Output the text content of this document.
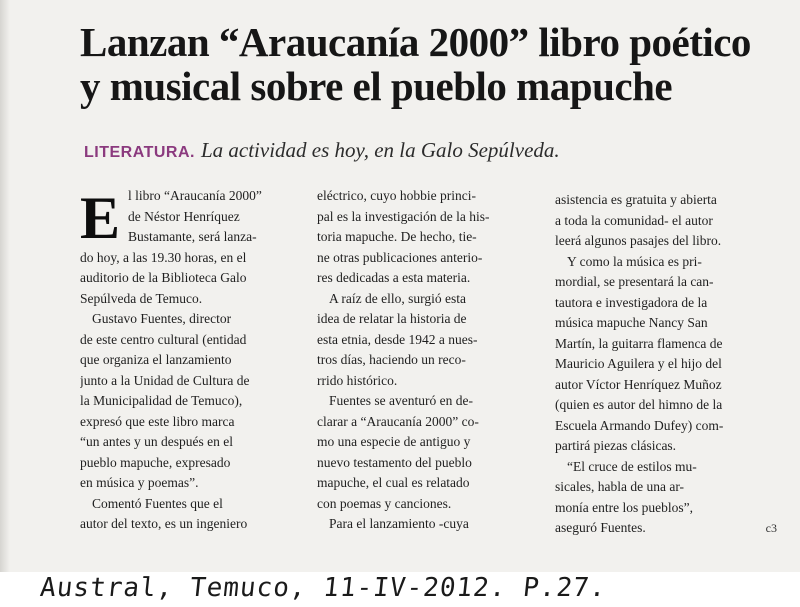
Lanzan “Araucanía 2000” libro poético
y musical sobre el pueblo mapuche
LITERATURA. La actividad es hoy, en la Galo Sepúlveda.
E l libro “Araucanía 2000”
de Néstor Henríquez
Bustamante, será lanza-
do hoy, a las 19.30 horas, en el
auditorio de la Biblioteca Galo
Sepúlveda de Temuco.
Gustavo Fuentes, director
de este centro cultural (entidad
que organiza el lanzamiento
junto a la Unidad de Cultura de
la Municipalidad de Temuco),
expresó que este libro marca
“un antes y un después en el
pueblo mapuche, expresado
en música y poemas”.
Comentó Fuentes que el
autor del texto, es un ingeniero
eléctrico, cuyo hobbie princi-
pal es la investigación de la his-
toria mapuche. De hecho, tie-
ne otras publicaciones anterio-
res dedicadas a esta materia.
A raíz de ello, surgió esta
idea de relatar la historia de
esta etnia, desde 1942 a nues-
tros días, haciendo un reco-
rrido histórico.
Fuentes se aventuró en de-
clarar a “Araucanía 2000” co-
mo una especie de antiguo y
nuevo testamento del pueblo
mapuche, el cual es relatado
con poemas y canciones.
Para el lanzamiento -cuya
asistencia es gratuita y abierta
a toda la comunidad- el autor
leerá algunos pasajes del libro.
Y como la música es pri-
mordial, se presentará la can-
tautora e investigadora de la
música mapuche Nancy San
Martín, la guitarra flamenca de
Mauricio Aguilera y el hijo del
autor Víctor Henríquez Muñoz
(quien es autor del himno de la
Escuela Armando Dufey) com-
partirá piezas clásicas.
“El cruce de estilos mu-
sicales, habla de una ar-
monía entre los pueblos”,
aseguró Fuentes.	c3
Austral, Temuco, 11-IV-2012. P.27.
